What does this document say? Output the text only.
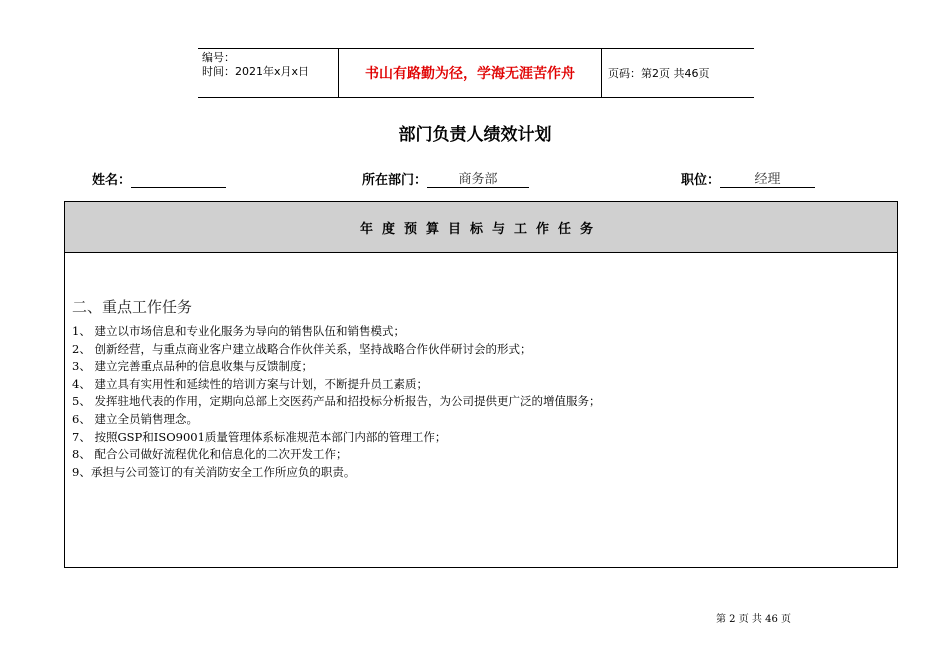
编号：
时间：2021年x月x日	书山有路勤为径，学海无涯苦作舟	页码：第2页 共46页
部门负责人绩效计划
姓名：	所在部门： 商务部	职位：	经理
年度预算目标与工作任务
二、重点工作任务
1、 建立以市场信息和专业化服务为导向的销售队伍和销售模式；
2、 创新经营，与重点商业客户建立战略合作伙伴关系，坚持战略合作伙伴研讨会的形式；
3、 建立完善重点品种的信息收集与反馈制度；
4、 建立具有实用性和延续性的培训方案与计划，不断提升员工素质；
5、 发挥驻地代表的作用，定期向总部上交医药产品和招投标分析报告，为公司提供更广泛的增值服务；
6、 建立全员销售理念。
7、 按照GSP和ISO9001质量管理体系标准规范本部门内部的管理工作；
8、 配合公司做好流程优化和信息化的二次开发工作；
9、承担与公司签订的有关消防安全工作所应负的职责。
第 2 页 共 46 页
